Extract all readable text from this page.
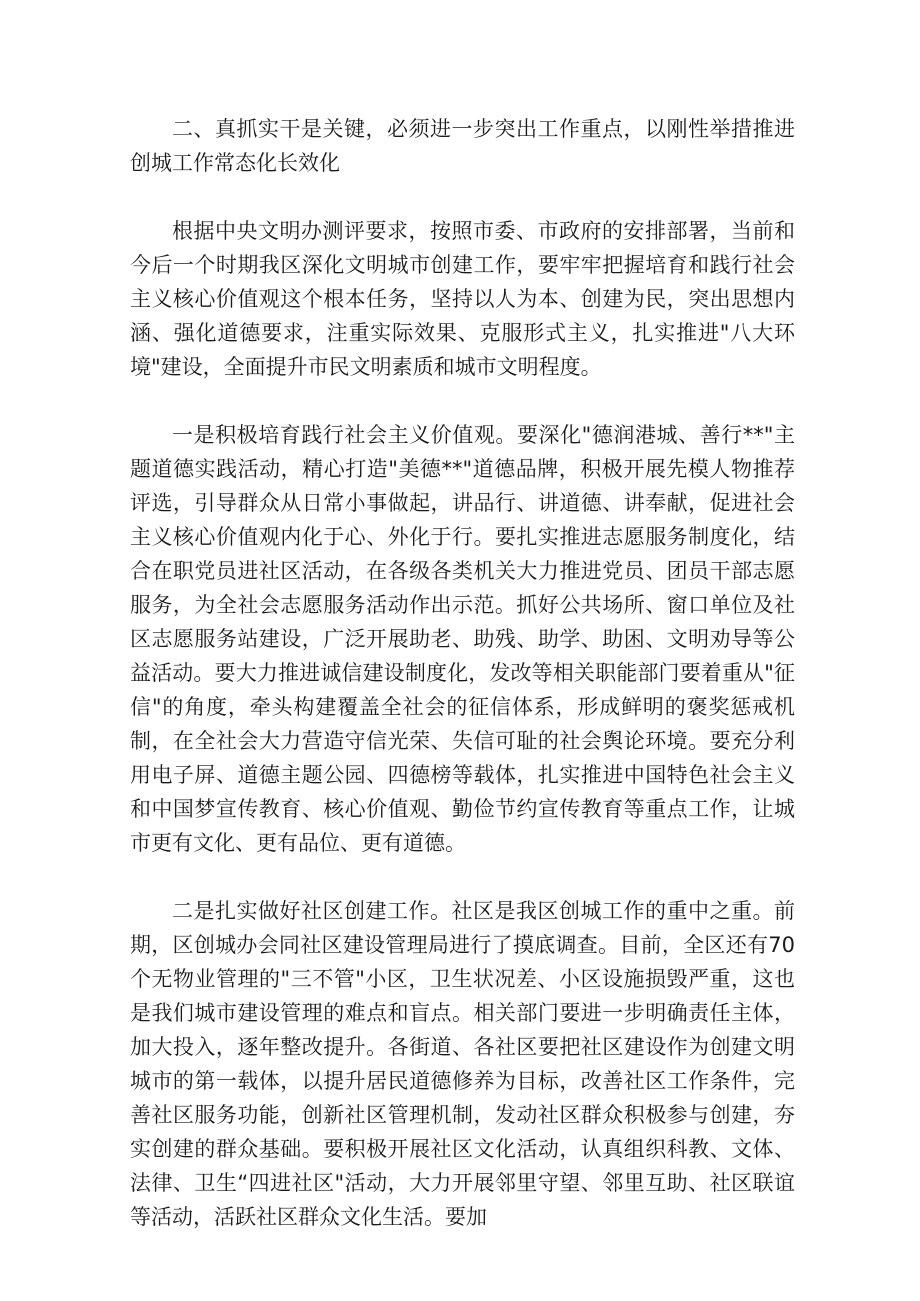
二、真抓实干是关键，必须进一步突出工作重点，以刚性举措推进创城工作常态化长效化

根据中央文明办测评要求，按照市委、市政府的安排部署，当前和今后一个时期我区深化文明城市创建工作，要牢牢把握培育和践行社会主义核心价值观这个根本任务，坚持以人为本、创建为民，突出思想内涵、强化道德要求，注重实际效果、克服形式主义，扎实推进"八大环境"建设，全面提升市民文明素质和城市文明程度。

一是积极培育践行社会主义价值观。要深化"德润港城、善行**"主题道德实践活动，精心打造"美德**"道德品牌，积极开展先模人物推荐评选，引导群众从日常小事做起，讲品行、讲道德、讲奉献，促进社会主义核心价值观内化于心、外化于行。要扎实推进志愿服务制度化，结合在职党员进社区活动，在各级各类机关大力推进党员、团员干部志愿服务，为全社会志愿服务活动作出示范。抓好公共场所、窗口单位及社区志愿服务站建设，广泛开展助老、助残、助学、助困、文明劝导等公益活动。要大力推进诚信建设制度化，发改等相关职能部门要着重从"征信"的角度，牵头构建覆盖全社会的征信体系，形成鲜明的褒奖惩戒机制，在全社会大力营造守信光荣、失信可耻的社会舆论环境。要充分利用电子屏、道德主题公园、四德榜等载体，扎实推进中国特色社会主义和中国梦宣传教育、核心价值观、勤俭节约宣传教育等重点工作，让城市更有文化、更有品位、更有道德。

二是扎实做好社区创建工作。社区是我区创城工作的重中之重。前期，区创城办会同社区建设管理局进行了摸底调查。目前，全区还有70个无物业管理的"三不管"小区，卫生状况差、小区设施损毁严重，这也是我们城市建设管理的难点和盲点。相关部门要进一步明确责任主体，加大投入，逐年整改提升。各街道、各社区要把社区建设作为创建文明城市的第一载体，以提升居民道德修养为目标，改善社区工作条件，完善社区服务功能，创新社区管理机制，发动社区群众积极参与创建，夯实创建的群众基础。要积极开展社区文化活动，认真组织科教、文体、法律、卫生“四进社区"活动，大力开展邻里守望、邻里互助、社区联谊等活动，活跃社区群众文化生活。要加
